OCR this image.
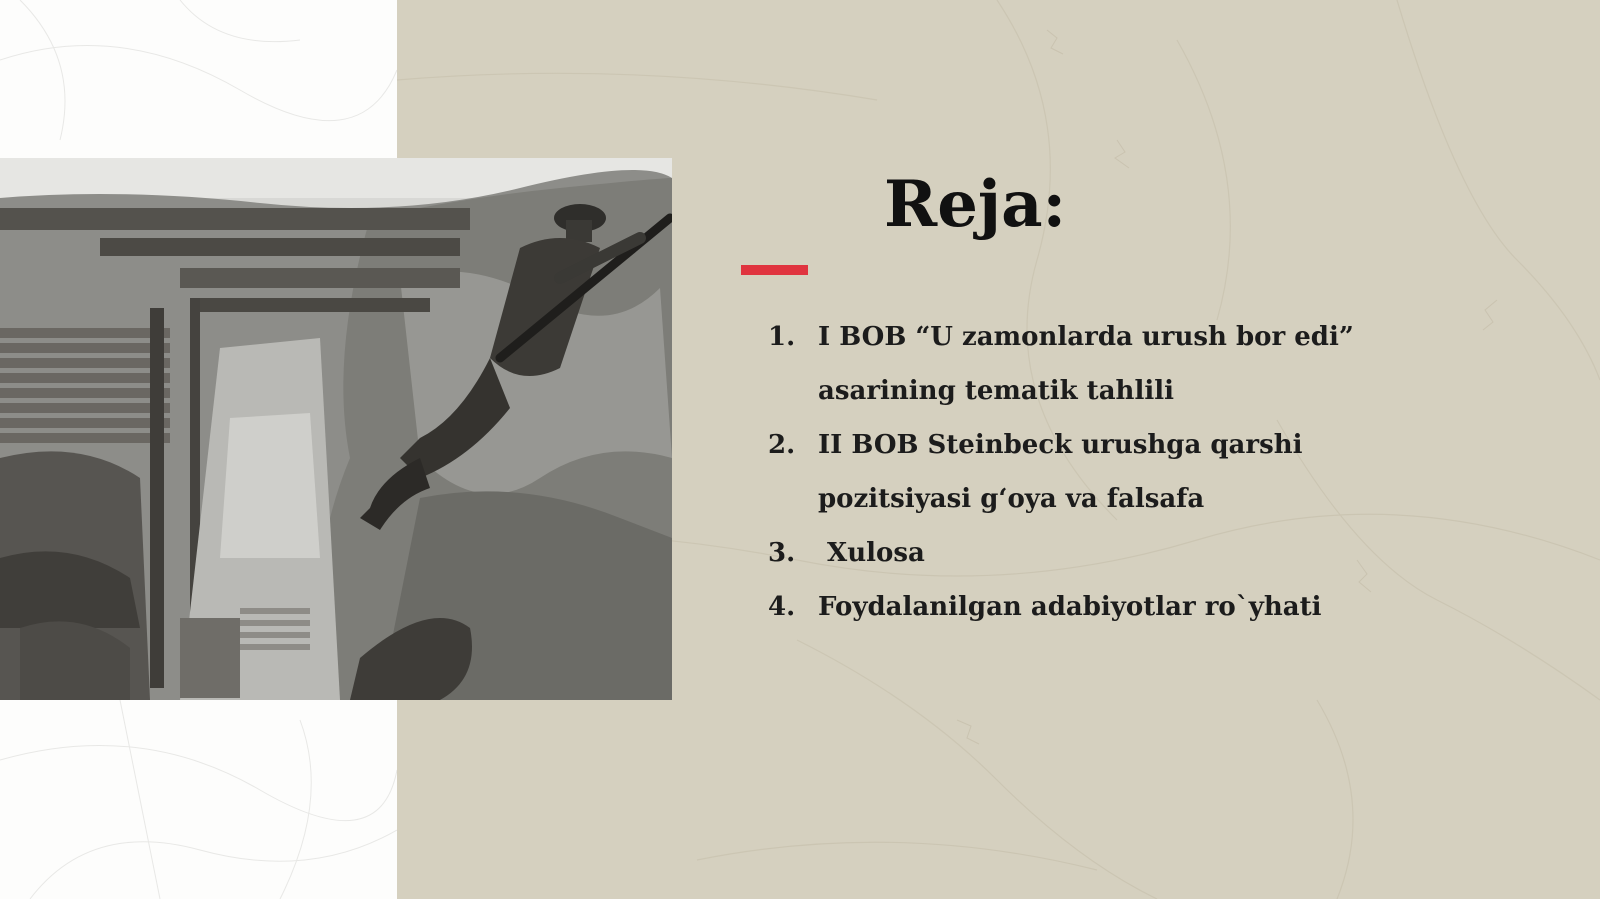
Reja:
1. I BOB “U zamonlarda urush bor edi” asarining tematik tahlili
2. II BOB Steinbeck urushga qarshi pozitsiyasi g‘oya va falsafa
3. Xulosa
4. Foydalanilgan adabiyotlar ro`yhati
